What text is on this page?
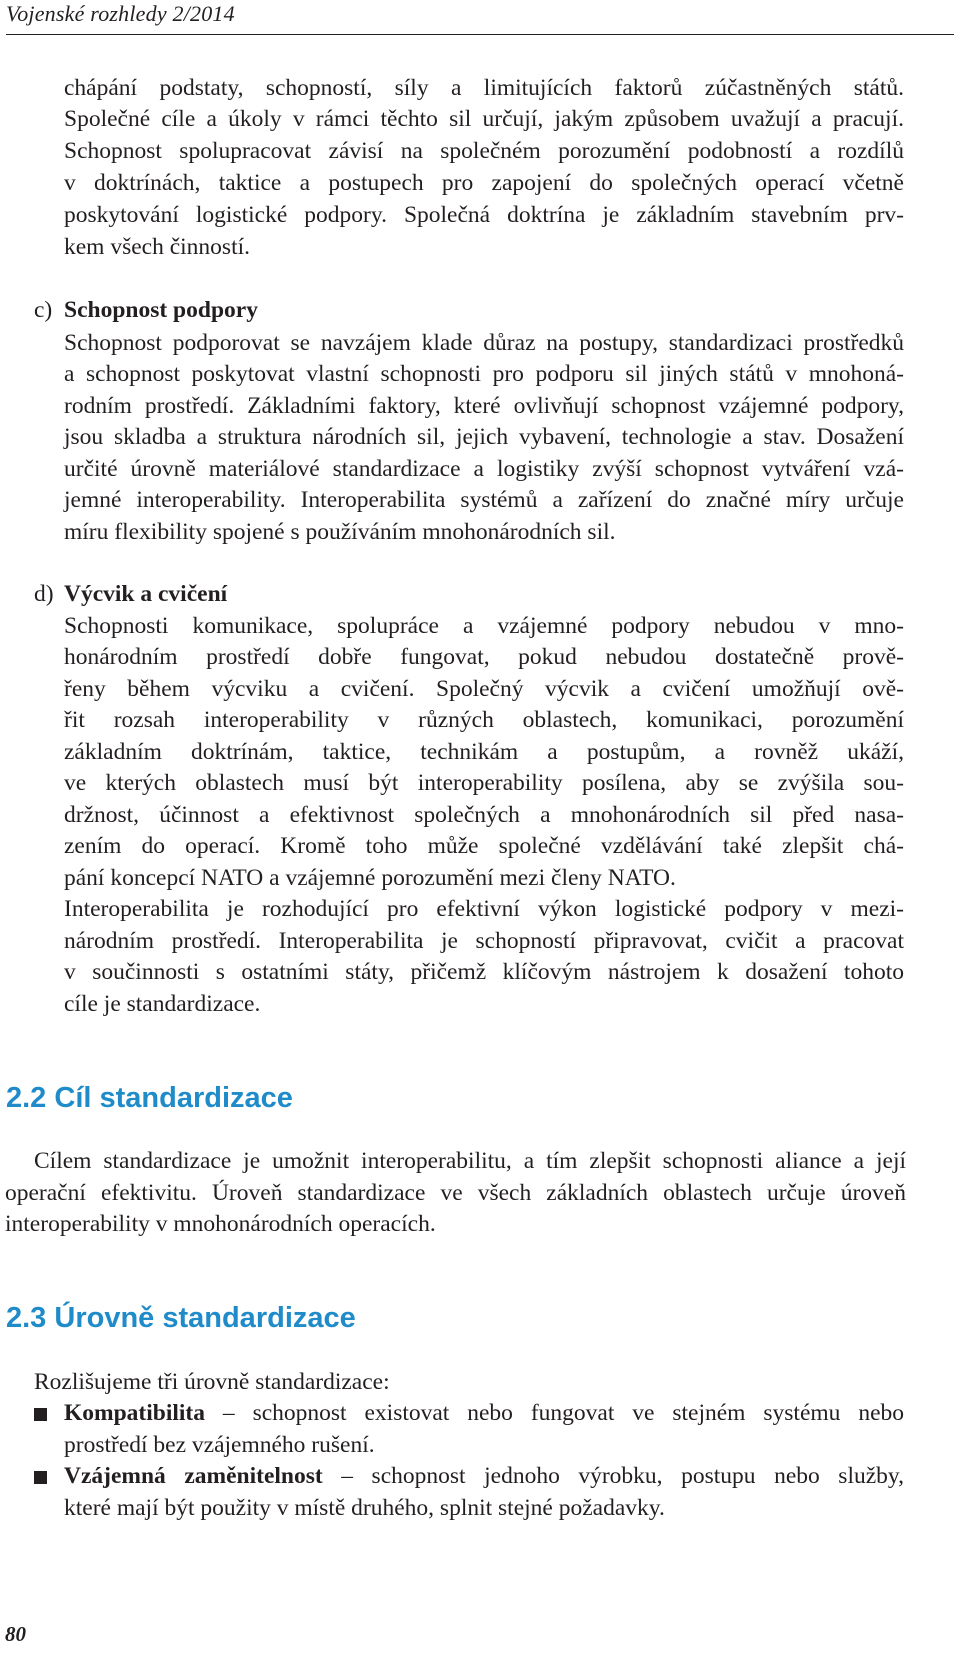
Vojenské rozhledy 2/2014
chápání podstaty, schopností, síly a limitujících faktorů zúčastněných států.
Společné cíle a úkoly v rámci těchto sil určují, jakým způsobem uvažují a pracují.
Schopnost spolupracovat závisí na společném porozumění podobností a rozdílů
v doktrínách, taktice a postupech pro zapojení do společných operací včetně
poskytování logistické podpory. Společná doktrína je základním stavebním prv-
kem všech činností.
c) Schopnost podpory
Schopnost podporovat se navzájem klade důraz na postupy, standardizaci prostředků
a schopnost poskytovat vlastní schopnosti pro podporu sil jiných států v mnohoná-
rodním prostředí. Základními faktory, které ovlivňují schopnost vzájemné podpory,
jsou skladba a struktura národních sil, jejich vybavení, technologie a stav. Dosažení
určité úrovně materiálové standardizace a logistiky zvýší schopnost vytváření vzá-
jemné interoperability. Interoperabilita systémů a zařízení do značné míry určuje
míru flexibility spojené s používáním mnohonárodních sil.
d) Výcvik a cvičení
Schopnosti komunikace, spolupráce a vzájemné podpory nebudou v mno-
honárodním prostředí dobře fungovat, pokud nebudou dostatečně prově-
řeny během výcviku a cvičení. Společný výcvik a cvičení umožňují ově-
řit rozsah interoperability v různých oblastech, komunikaci, porozumění
základním doktrínám, taktice, technikám a postupům, a rovněž ukáží,
ve kterých oblastech musí být interoperability posílena, aby se zvýšila sou-
držnost, účinnost a efektivnost společných a mnohonárodních sil před nasa-
zením do operací. Kromě toho může společné vzdělávání také zlepšit chá-
pání koncepcí NATO a vzájemné porozumění mezi členy NATO.
Interoperabilita je rozhodující pro efektivní výkon logistické podpory v mezi-
národním prostředí. Interoperabilita je schopností připravovat, cvičit a pracovat
v součinnosti s ostatními státy, přičemž klíčovým nástrojem k dosažení tohoto
cíle je standardizace.
2.2 Cíl standardizace
Cílem standardizace je umožnit interoperabilitu, a tím zlepšit schopnosti aliance a její
operační efektivitu. Úroveň standardizace ve všech základních oblastech určuje úroveň
interoperability v mnohonárodních operacích.
2.3 Úrovně standardizace
Rozlišujeme tři úrovně standardizace:
Kompatibilita – schopnost existovat nebo fungovat ve stejném systému nebo
prostředí bez vzájemného rušení.
Vzájemná zaměnitelnost – schopnost jednoho výrobku, postupu nebo služby,
které mají být použity v místě druhého, splnit stejné požadavky.
80
